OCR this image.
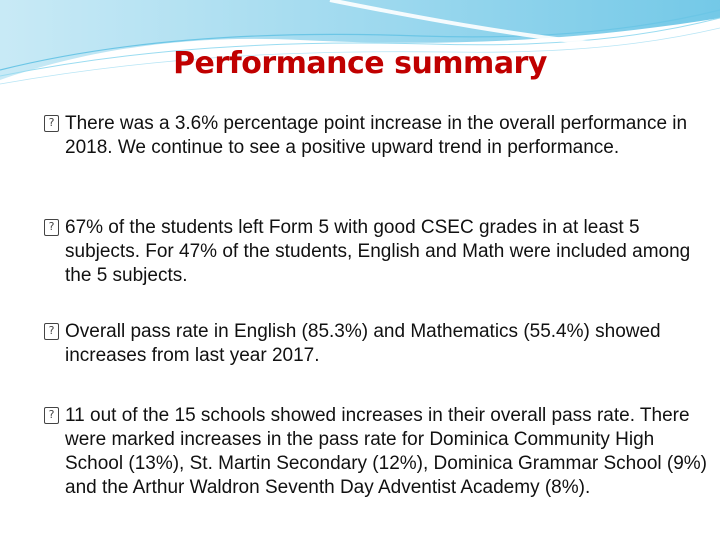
Performance summary
? There was a 3.6% percentage point increase in the overall performance in 2018. We continue to see a positive upward trend in performance.
? 67% of the students left Form 5 with good CSEC grades in at least 5 subjects. For 47% of the students, English and Math were included among the 5 subjects.
? Overall pass rate in English (85.3%) and Mathematics (55.4%) showed increases from last year 2017.
? 11 out of the 15 schools showed increases in their overall pass rate. There were marked increases in the pass rate for Dominica Community High School (13%), St. Martin Secondary (12%), Dominica Grammar School (9%) and the Arthur Waldron Seventh Day Adventist Academy (8%).
